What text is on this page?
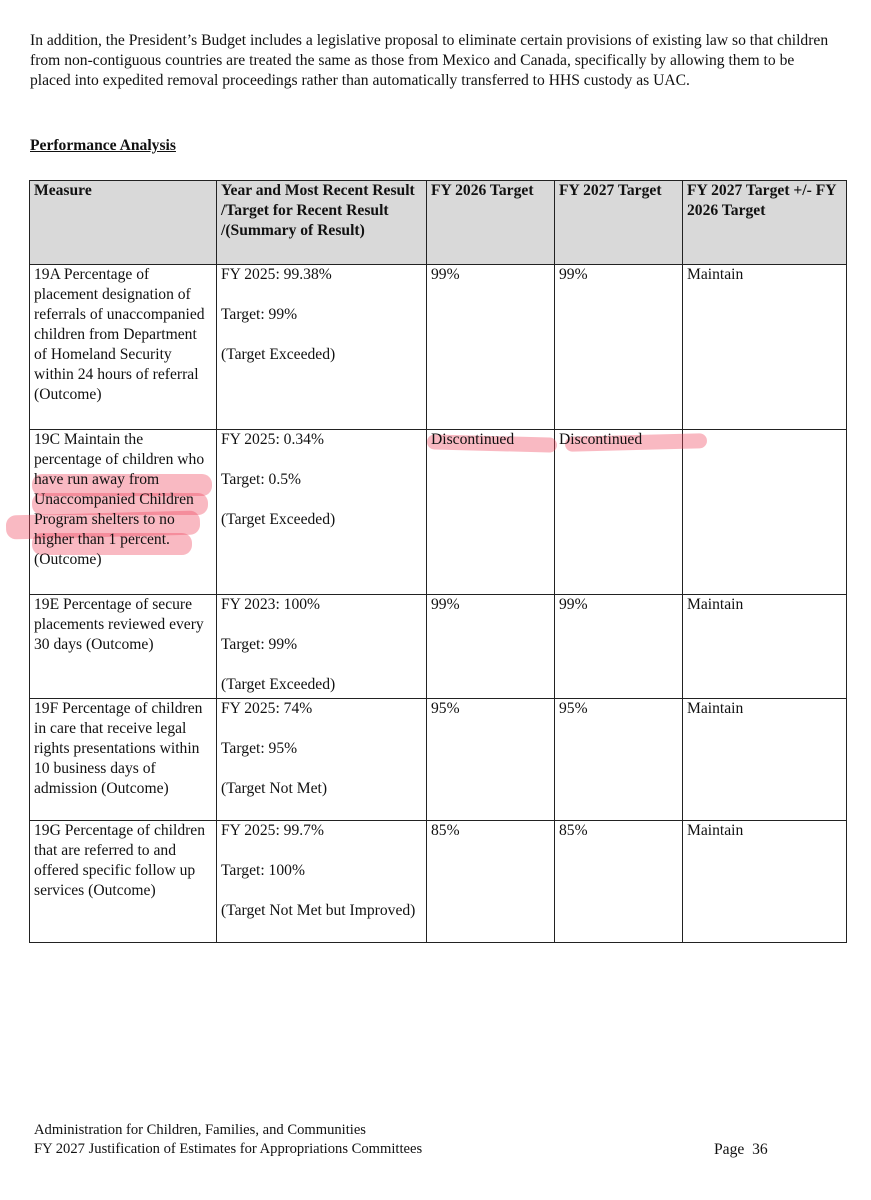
In addition, the President’s Budget includes a legislative proposal to eliminate certain provisions of existing law so that children from non-contiguous countries are treated the same as those from Mexico and Canada, specifically by allowing them to be placed into expedited removal proceedings rather than automatically transferred to HHS custody as UAC.

Performance Analysis

Measure	Year and Most Recent Result /Target for Recent Result /(Summary of Result)	FY 2026 Target	FY 2027 Target	FY 2027 Target +/- FY 2026 Target
19A Percentage of placement designation of referrals of unaccompanied children from Department of Homeland Security within 24 hours of referral (Outcome)	FY 2025: 99.38%
Target: 99%
(Target Exceeded)	99%	99%	Maintain

19C Maintain the percentage of children who have run away from Unaccompanied Children Program shelters to no higher than 1 percent. (Outcome)	FY 2025: 0.34%
Target: 0.5%
(Target Exceeded)	Discontinued	Discontinued	

19E Percentage of secure placements reviewed every 30 days (Outcome)	FY 2023: 100%
Target: 99%
(Target Exceeded)	99%	99%	Maintain
19F Percentage of children in care that receive legal rights presentations within 10 business days of admission (Outcome)	FY 2025: 74%
Target: 95%
(Target Not Met)	95%	95%	Maintain
19G Percentage of children that are referred to and offered specific follow up services (Outcome)	FY 2025: 99.7%
Target: 100%
(Target Not Met but Improved)	85%	85%	Maintain
Administration for Children, Families, and Communities
FY 2027 Justification of Estimates for Appropriations Committees	Page  36
